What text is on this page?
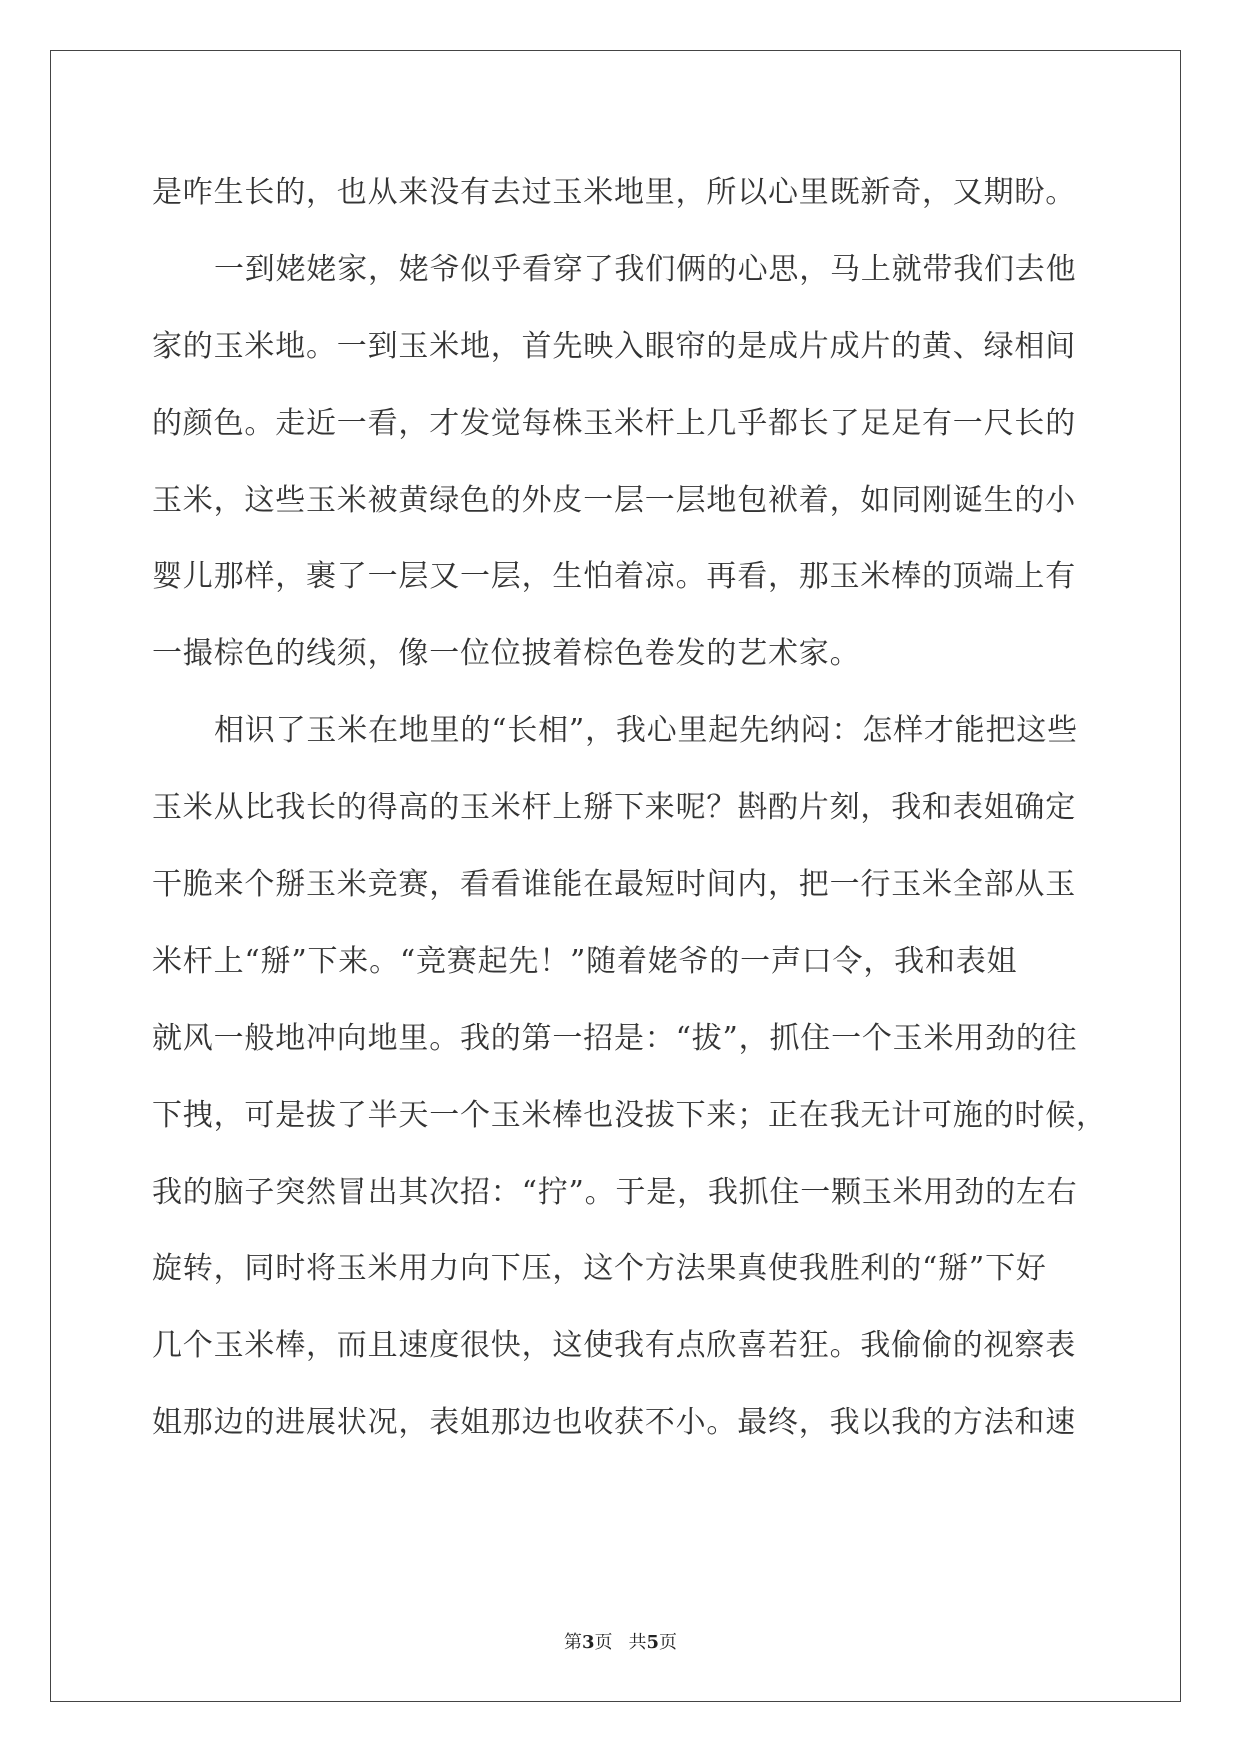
是咋生长的，也从来没有去过玉米地里，所以心里既新奇，又期盼。
一到姥姥家，姥爷似乎看穿了我们俩的心思，马上就带我们去他
家的玉米地。一到玉米地，首先映入眼帘的是成片成片的黄、绿相间
的颜色。走近一看，才发觉每株玉米杆上几乎都长了足足有一尺长的
玉米，这些玉米被黄绿色的外皮一层一层地包袱着，如同刚诞生的小
婴儿那样，裹了一层又一层，生怕着凉。再看，那玉米棒的顶端上有
一撮棕色的线须，像一位位披着棕色卷发的艺术家。
相识了玉米在地里的“长相”，我心里起先纳闷：怎样才能把这些
玉米从比我长的得高的玉米杆上掰下来呢？斟酌片刻，我和表姐确定
干脆来个掰玉米竞赛，看看谁能在最短时间内，把一行玉米全部从玉
米杆上“掰”下来。“竞赛起先！”随着姥爷的一声口令，我和表姐
就风一般地冲向地里。我的第一招是：“拔”，抓住一个玉米用劲的往
下拽，可是拔了半天一个玉米棒也没拔下来；正在我无计可施的时候，
我的脑子突然冒出其次招：“拧”。于是，我抓住一颗玉米用劲的左右
旋转，同时将玉米用力向下压，这个方法果真使我胜利的“掰”下好
几个玉米棒，而且速度很快，这使我有点欣喜若狂。我偷偷的视察表
姐那边的进展状况，表姐那边也收获不小。最终，我以我的方法和速
第3页 共5页
